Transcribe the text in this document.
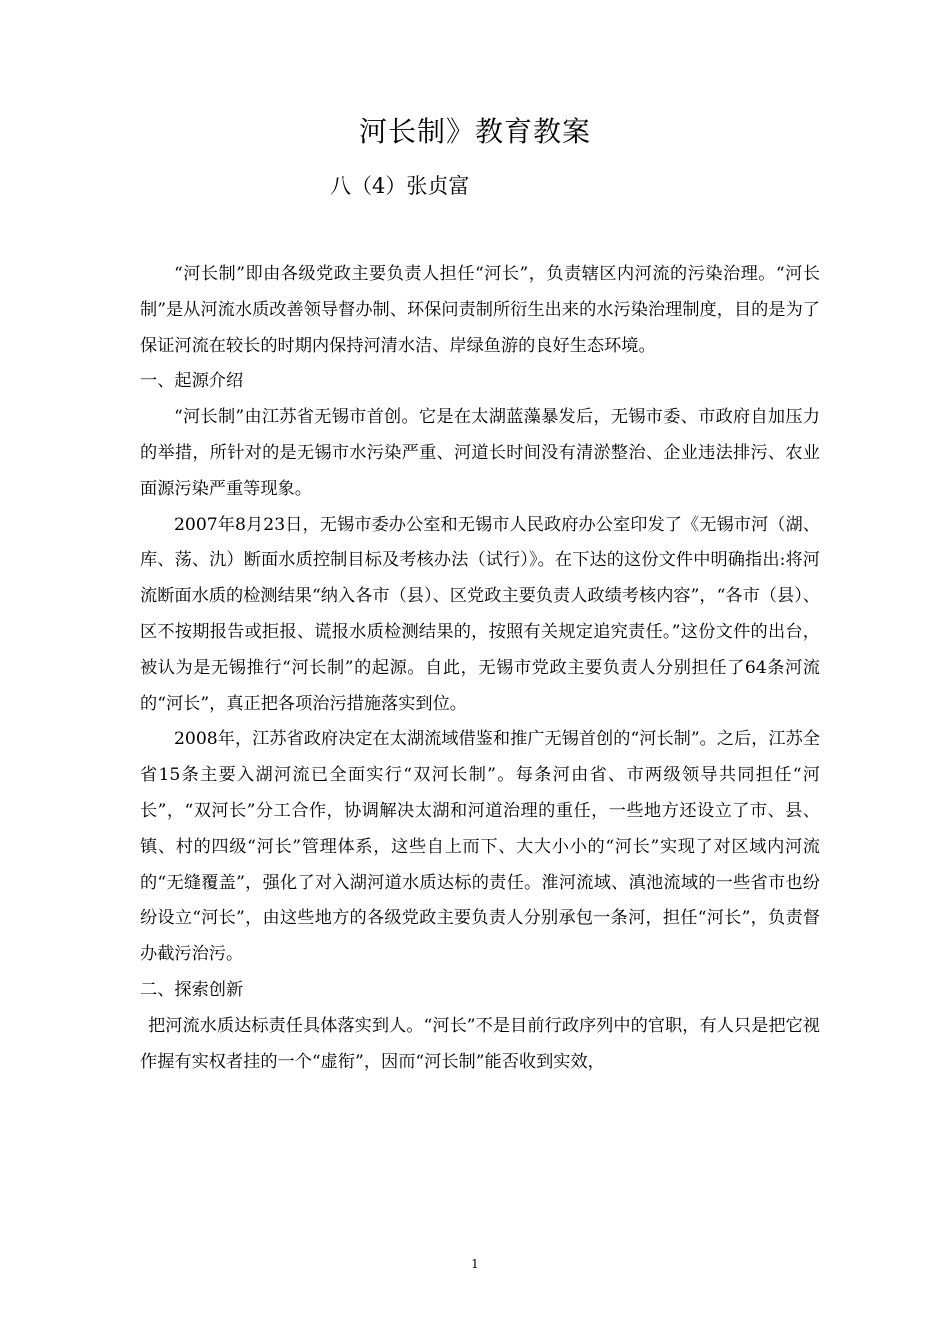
河长制》教育教案
八（4）张贞富

“河长制”即由各级党政主要负责人担任“河长”，负责辖区内河流的污染治理。“河长制”是从河流水质改善领导督办制、环保问责制所衍生出来的水污染治理制度，目的是为了保证河流在较长的时期内保持河清水洁、岸绿鱼游的良好生态环境。

一、起源介绍

“河长制”由江苏省无锡市首创。它是在太湖蓝藻暴发后，无锡市委、市政府自加压力的举措，所针对的是无锡市水污染严重、河道长时间没有清淤整治、企业违法排污、农业面源污染严重等现象。

2007年8月23日，无锡市委办公室和无锡市人民政府办公室印发了《无锡市河（湖、库、荡、氿）断面水质控制目标及考核办法（试行）》。在下达的这份文件中明确指出:将河流断面水质的检测结果“纳入各市（县）、区党政主要负责人政绩考核内容”，“各市（县）、区不按期报告或拒报、谎报水质检测结果的，按照有关规定追究责任。”这份文件的出台，被认为是无锡推行“河长制”的起源。自此，无锡市党政主要负责人分别担任了64条河流的“河长”，真正把各项治污措施落实到位。

2008年，江苏省政府决定在太湖流域借鉴和推广无锡首创的“河长制”。之后，江苏全省15条主要入湖河流已全面实行“双河长制”。每条河由省、市两级领导共同担任“河长”，“双河长”分工合作，协调解决太湖和河道治理的重任，一些地方还设立了市、县、镇、村的四级“河长”管理体系，这些自上而下、大大小小的“河长”实现了对区域内河流的“无缝覆盖”，强化了对入湖河道水质达标的责任。淮河流域、滇池流域的一些省市也纷纷设立“河长”，由这些地方的各级党政主要负责人分别承包一条河，担任“河长”，负责督办截污治污。

二、探索创新

把河流水质达标责任具体落实到人。“河长”不是目前行政序列中的官职，有人只是把它视作握有实权者挂的一个“虚衔”，因而“河长制”能否收到实效，

1
